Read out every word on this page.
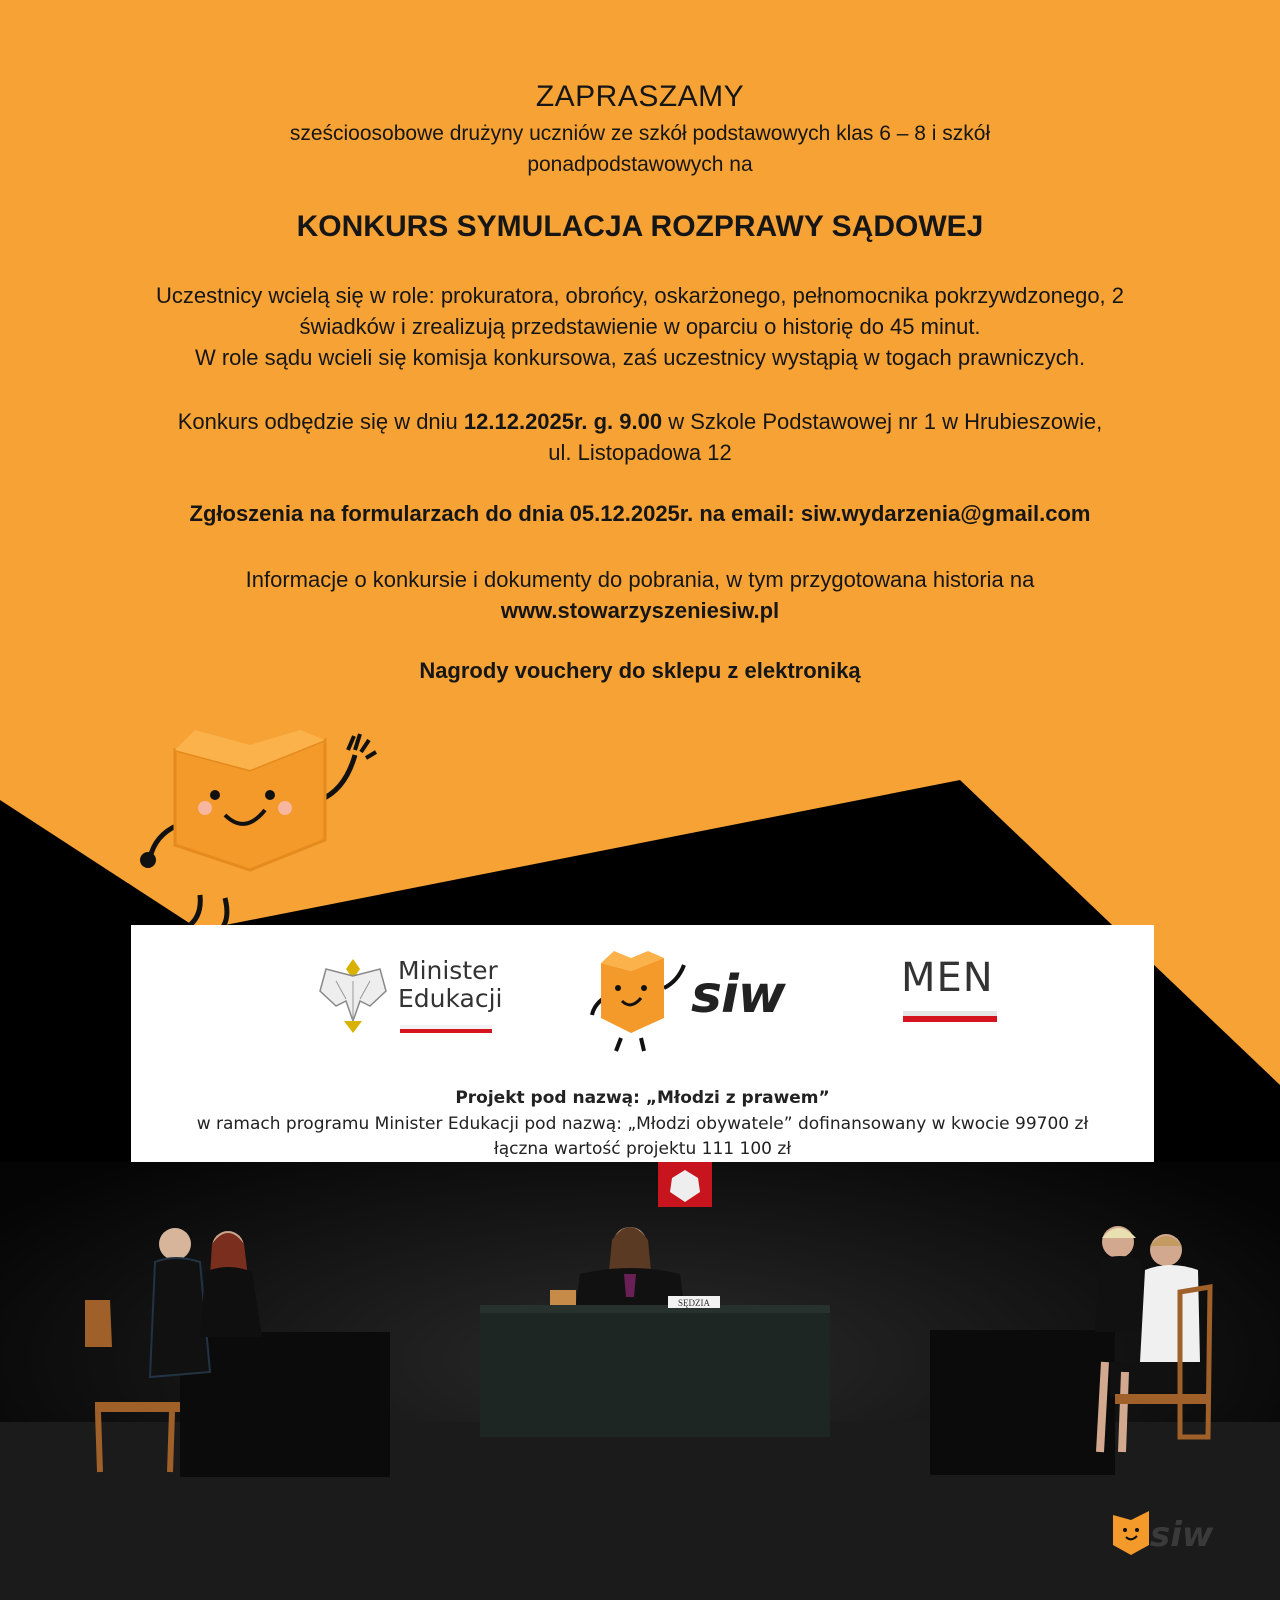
ZAPRASZAMY
sześcioosobowe drużyny uczniów ze szkół podstawowych klas 6 – 8 i szkół
ponadpodstawowych na
KONKURS SYMULACJA ROZPRAWY SĄDOWEJ
Uczestnicy wcielą się w role: prokuratora, obrońcy, oskarżonego, pełnomocnika pokrzywdzonego, 2
świadków i zrealizują przedstawienie w oparciu o historię do 45 minut.
W role sądu wcieli się komisja konkursowa, zaś uczestnicy wystąpią w togach prawniczych.
Konkurs odbędzie się w dniu 12.12.2025r. g. 9.00 w Szkole Podstawowej nr 1 w Hrubieszowie,
ul. Listopadowa 12
Zgłoszenia na formularzach do dnia 05.12.2025r. na email: siw.wydarzenia@gmail.com
Informacje o konkursie i dokumenty do pobrania, w tym przygotowana historia na
www.stowarzyszeniesiw.pl
Nagrody vouchery do sklepu z elektroniką
Minister
Edukacji	siw	MEN
Projekt pod nazwą: „Młodzi z prawem”
w ramach programu Minister Edukacji pod nazwą: „Młodzi obywatele” dofinansowany w kwocie 99700 zł
łączna wartość projektu 111 100 zł
SĘDZIA
siw
